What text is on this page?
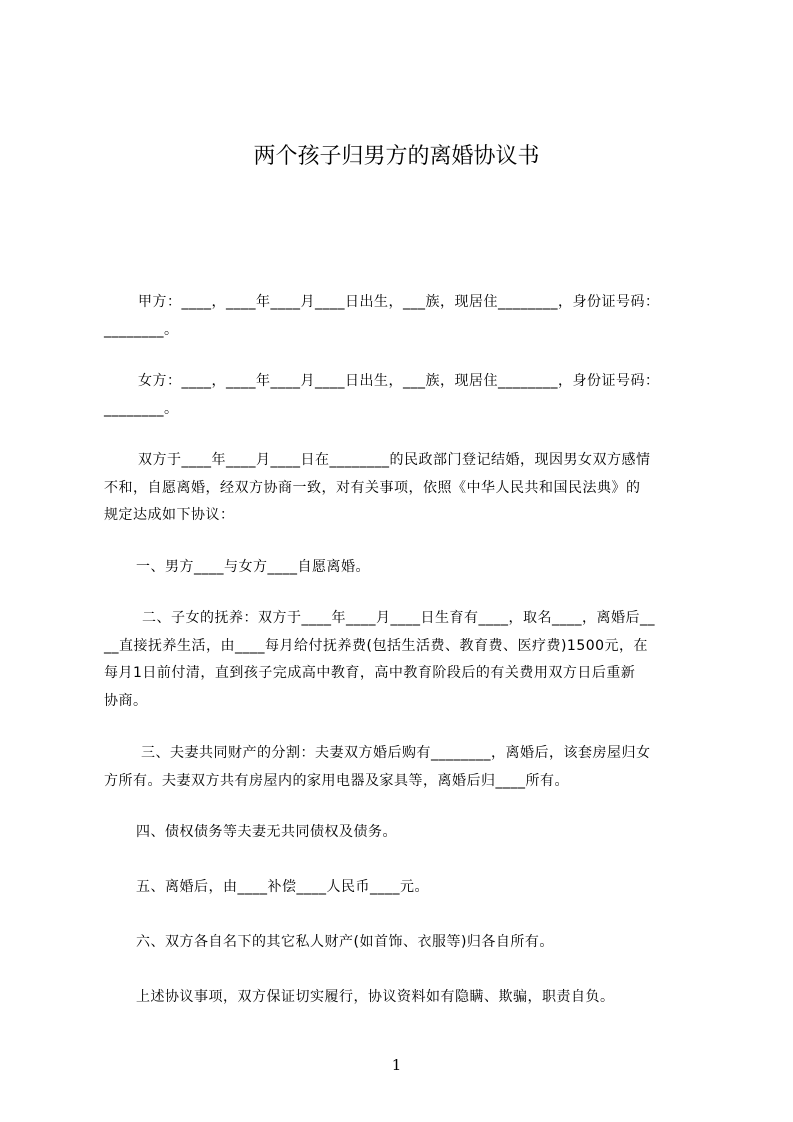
两个孩子归男方的离婚协议书
甲方：____，____年____月____日出生，___族，现居住________，身份证号码：
________。
女方：____，____年____月____日出生，___族，现居住________，身份证号码：
________。
双方于____年____月____日在________的民政部门登记结婚，现因男女双方感情
不和，自愿离婚，经双方协商一致，对有关事项，依照《中华人民共和国民法典》的
规定达成如下协议：
一、男方____与女方____自愿离婚。
二、子女的抚养：双方于____年____月____日生育有____，取名____，离婚后__
__直接抚养生活，由____每月给付抚养费(包括生活费、教育费、医疗费)1500元，在
每月1日前付清，直到孩子完成高中教育，高中教育阶段后的有关费用双方日后重新
协商。
三、夫妻共同财产的分割：夫妻双方婚后购有________，离婚后，该套房屋归女
方所有。夫妻双方共有房屋内的家用电器及家具等，离婚后归____所有。
四、债权债务等夫妻无共同债权及债务。
五、离婚后，由____补偿____人民币____元。
六、双方各自名下的其它私人财产(如首饰、衣服等)归各自所有。
上述协议事项，双方保证切实履行，协议资料如有隐瞒、欺骗，职责自负。
1
